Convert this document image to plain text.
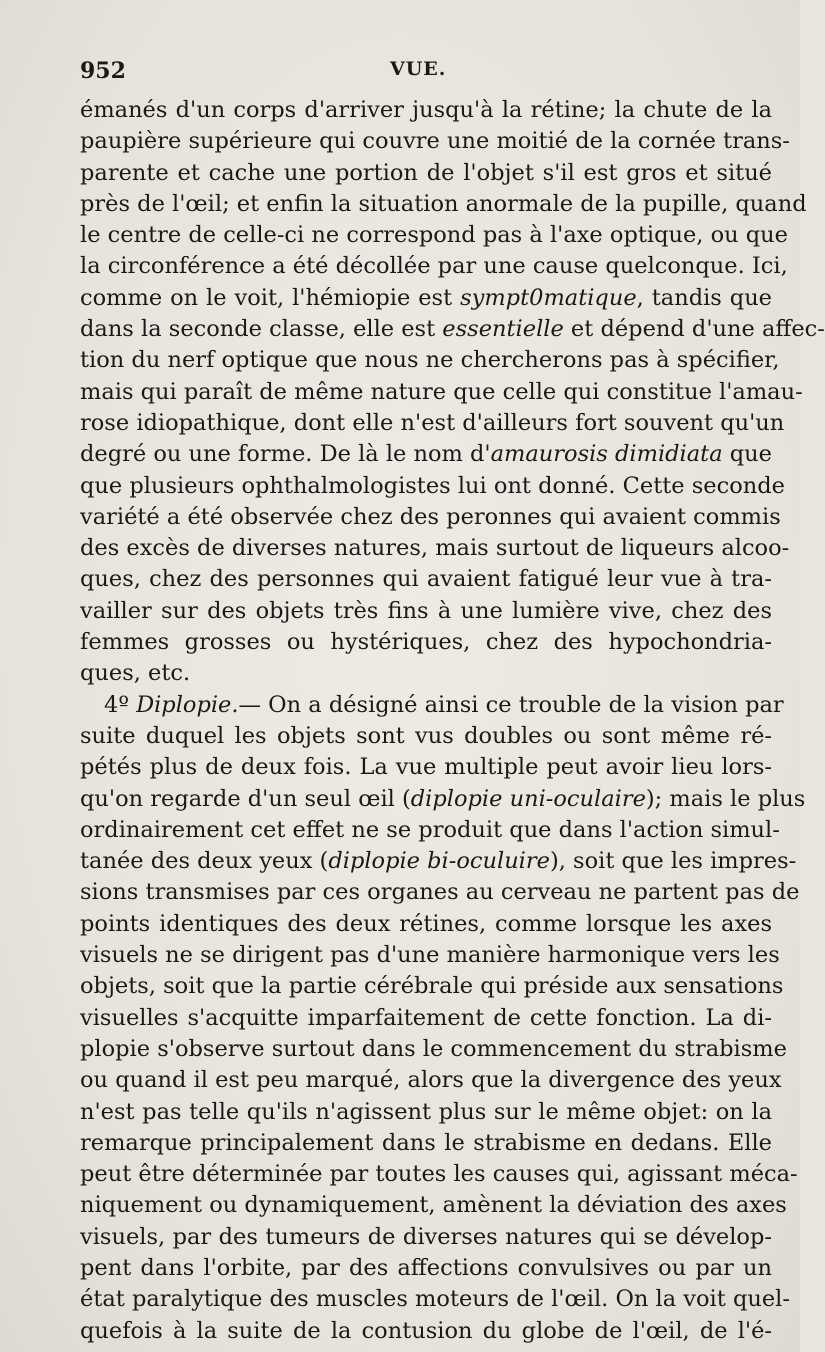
952	VUE.
émanés d'un corps d'arriver jusqu'à la rétine; la chute de la
paupière supérieure qui couvre une moitié de la cornée trans-
parente et cache une portion de l'objet s'il est gros et situé
près de l'œil; et enfin la situation anormale de la pupille, quand
le centre de celle-ci ne correspond pas à l'axe optique, ou que
la circonférence a été décollée par une cause quelconque. Ici,
comme on le voit, l'hémiopie est sympt0matique, tandis que
dans la seconde classe, elle est essentielle et dépend d'une affec-
tion du nerf optique que nous ne chercherons pas à spécifier,
mais qui paraît de même nature que celle qui constitue l'amau-
rose idiopathique, dont elle n'est d'ailleurs fort souvent qu'un
degré ou une forme. De là le nom d'amaurosis dimidiata que
que plusieurs ophthalmologistes lui ont donné. Cette seconde
variété a été observée chez des peronnes qui avaient commis
des excès de diverses natures, mais surtout de liqueurs alcoo-
ques, chez des personnes qui avaient fatigué leur vue à tra-
vailler sur des objets très fins à une lumière vive, chez des
femmes grosses ou hystériques, chez des hypochondria-
ques, etc.
4º Diplopie.— On a désigné ainsi ce trouble de la vision par
suite duquel les objets sont vus doubles ou sont même ré-
pétés plus de deux fois. La vue multiple peut avoir lieu lors-
qu'on regarde d'un seul œil (diplopie uni-oculaire); mais le plus
ordinairement cet effet ne se produit que dans l'action simul-
tanée des deux yeux (diplopie bi-oculuire), soit que les impres-
sions transmises par ces organes au cerveau ne partent pas de
points identiques des deux rétines, comme lorsque les axes
visuels ne se dirigent pas d'une manière harmonique vers les
objets, soit que la partie cérébrale qui préside aux sensations
visuelles s'acquitte imparfaitement de cette fonction. La di-
plopie s'observe surtout dans le commencement du strabisme
ou quand il est peu marqué, alors que la divergence des yeux
n'est pas telle qu'ils n'agissent plus sur le même objet: on la
remarque principalement dans le strabisme en dedans. Elle
peut être déterminée par toutes les causes qui, agissant méca-
niquement ou dynamiquement, amènent la déviation des axes
visuels, par des tumeurs de diverses natures qui se dévelop-
pent dans l'orbite, par des affections convulsives ou par un
état paralytique des muscles moteurs de l'œil. On la voit quel-
quefois à la suite de la contusion du globe de l'œil, de l'é-
